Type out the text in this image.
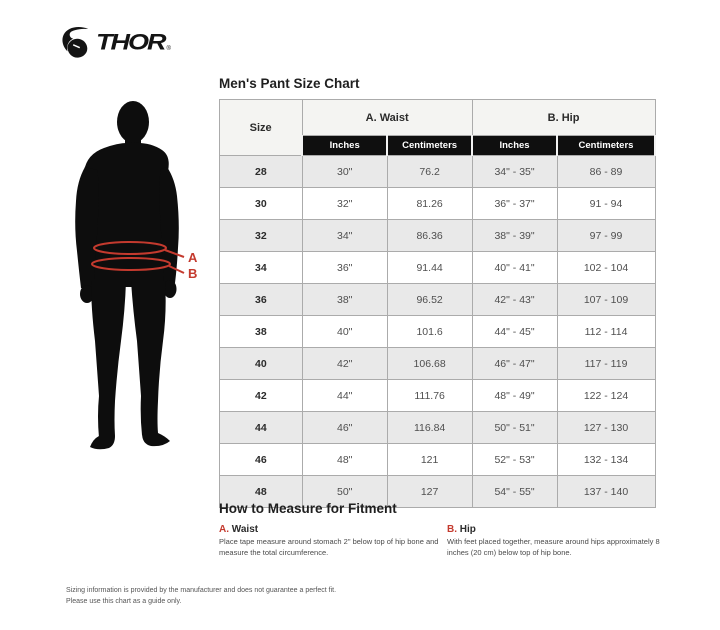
THOR ®
A
B
Men's Pant Size Chart
Size	A. Waist		B. Hip	
	Inches	Centimeters	Inches	Centimeters
28	30"	76.2	34" - 35"	86 - 89
30	32"	81.26	36" - 37"	91 - 94
32	34"	86.36	38" - 39"	97 - 99
34	36"	91.44	40" - 41"	102 - 104
36	38"	96.52	42" - 43"	107 - 109
38	40"	101.6	44" - 45"	112 - 114
40	42"	106.68	46" - 47"	117 - 119
42	44"	111.76	48" - 49"	122 - 124
44	46"	116.84	50" - 51"	127 - 130
46	48"	121	52" - 53"	132 - 134
48	50"	127	54" - 55"	137 - 140
How to Measure for Fitment
A. Waist

Place tape measure around stomach 2" below top of hip bone and measure the total circumference.

B. Hip

With feet placed together, measure around hips approximately 8 inches (20 cm) below top of hip bone.

Sizing information is provided by the manufacturer and does not guarantee a perfect fit.
Please use this chart as a guide only.
